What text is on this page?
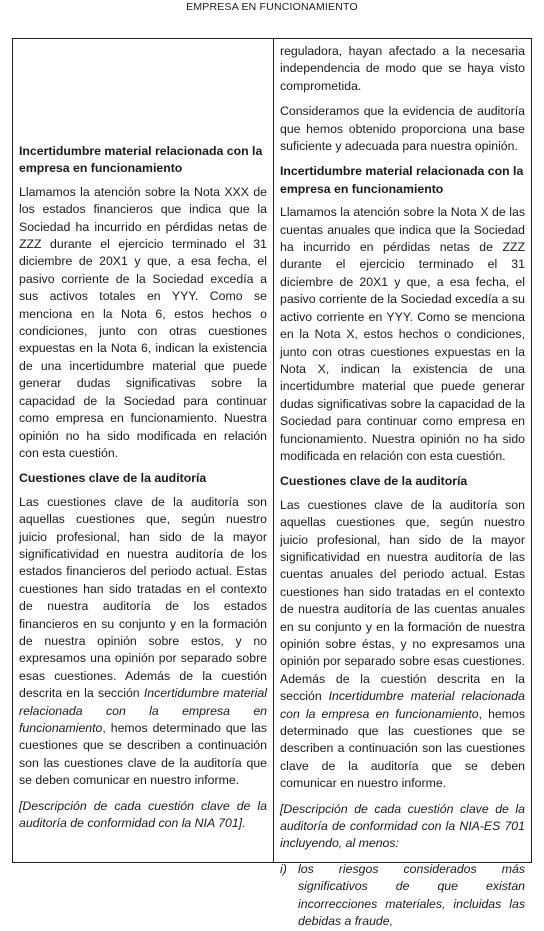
EMPRESA EN FUNCIONAMIENTO

Incertidumbre material relacionada con la empresa en funcionamiento

Llamamos la atención sobre la Nota XXX de los estados financieros que indica que la Sociedad ha incurrido en pérdidas netas de ZZZ durante el ejercicio terminado el 31 diciembre de 20X1 y que, a esa fecha, el pasivo corriente de la Sociedad excedía a sus activos totales en YYY. Como se menciona en la Nota 6, estos hechos o condiciones, junto con otras cuestiones expuestas en la Nota 6, indican la existencia de una incertidumbre material que puede generar dudas significativas sobre la capacidad de la Sociedad para continuar como empresa en funcionamiento. Nuestra opinión no ha sido modificada en relación con esta cuestión.

Cuestiones clave de la auditoría

Las cuestiones clave de la auditoría son aquellas cuestiones que, según nuestro juicio profesional, han sido de la mayor significatividad en nuestra auditoría de los estados financieros del periodo actual. Estas cuestiones han sido tratadas en el contexto de nuestra auditoría de los estados financieros en su conjunto y en la formación de nuestra opinión sobre estos, y no expresamos una opinión por separado sobre esas cuestiones. Además de la cuestión descrita en la sección Incertidumbre material relacionada con la empresa en funcionamiento, hemos determinado que las cuestiones que se describen a continuación son las cuestiones clave de la auditoría que se deben comunicar en nuestro informe.

[Descripción de cada cuestión clave de la auditoría de conformidad con la NIA 701].

reguladora, hayan afectado a la necesaria independencia de modo que se haya visto comprometida.

Consideramos que la evidencia de auditoría que hemos obtenido proporciona una base suficiente y adecuada para nuestra opinión.

Incertidumbre material relacionada con la empresa en funcionamiento

Llamamos la atención sobre la Nota X de las cuentas anuales que indica que la Sociedad ha incurrido en pérdidas netas de ZZZ durante el ejercicio terminado el 31 diciembre de 20X1 y que, a esa fecha, el pasivo corriente de la Sociedad excedía a su activo corriente en YYY. Como se menciona en la Nota X, estos hechos o condiciones, junto con otras cuestiones expuestas en la Nota X, indican la existencia de una incertidumbre material que puede generar dudas significativas sobre la capacidad de la Sociedad para continuar como empresa en funcionamiento. Nuestra opinión no ha sido modificada en relación con esta cuestión.

Cuestiones clave de la auditoría

Las cuestiones clave de la auditoría son aquellas cuestiones que, según nuestro juicio profesional, han sido de la mayor significatividad en nuestra auditoría de las cuentas anuales del periodo actual. Estas cuestiones han sido tratadas en el contexto de nuestra auditoría de las cuentas anuales en su conjunto y en la formación de nuestra opinión sobre éstas, y no expresamos una opinión por separado sobre esas cuestiones. Además de la cuestión descrita en la sección Incertidumbre material relacionada con la empresa en funcionamiento, hemos determinado que las cuestiones que se describen a continuación son las cuestiones clave de la auditoría que se deben comunicar en nuestro informe.

[Descripción de cada cuestión clave de la auditoría de conformidad con la NIA-ES 701 incluyendo, al menos:

i) los riesgos considerados más significativos de que existan incorrecciones materiales, incluidas las debidas a fraude,
